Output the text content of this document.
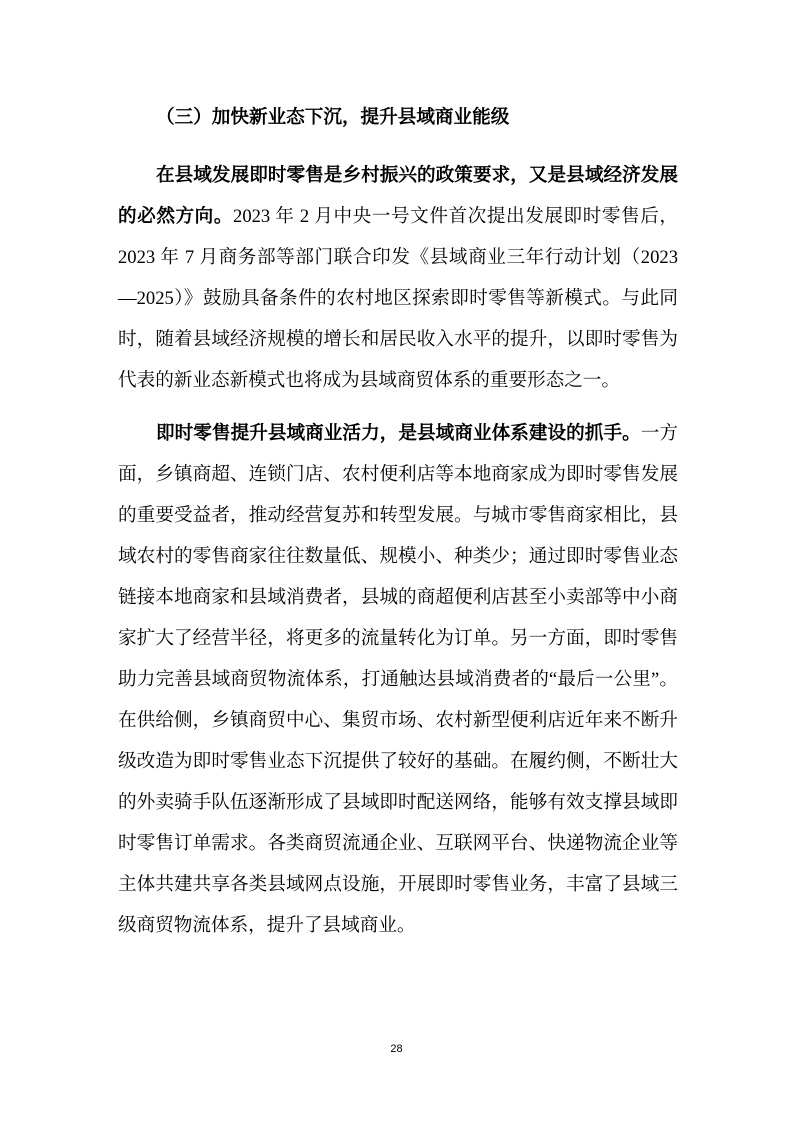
（三）加快新业态下沉，提升县域商业能级
在县域发展即时零售是乡村振兴的政策要求，又是县域经济发展
的必然方向。2023 年 2 月中央一号文件首次提出发展即时零售后，
2023 年 7 月商务部等部门联合印发《县域商业三年行动计划（2023
—2025）》鼓励具备条件的农村地区探索即时零售等新模式。与此同
时，随着县域经济规模的增长和居民收入水平的提升，以即时零售为
代表的新业态新模式也将成为县域商贸体系的重要形态之一。
即时零售提升县域商业活力，是县域商业体系建设的抓手。一方
面，乡镇商超、连锁门店、农村便利店等本地商家成为即时零售发展
的重要受益者，推动经营复苏和转型发展。与城市零售商家相比，县
域农村的零售商家往往数量低、规模小、种类少；通过即时零售业态
链接本地商家和县域消费者，县城的商超便利店甚至小卖部等中小商
家扩大了经营半径，将更多的流量转化为订单。另一方面，即时零售
助力完善县域商贸物流体系，打通触达县域消费者的“最后一公里”。
在供给侧，乡镇商贸中心、集贸市场、农村新型便利店近年来不断升
级改造为即时零售业态下沉提供了较好的基础。在履约侧，不断壮大
的外卖骑手队伍逐渐形成了县域即时配送网络，能够有效支撑县域即
时零售订单需求。各类商贸流通企业、互联网平台、快递物流企业等
主体共建共享各类县域网点设施，开展即时零售业务，丰富了县域三
级商贸物流体系，提升了县域商业。
28
